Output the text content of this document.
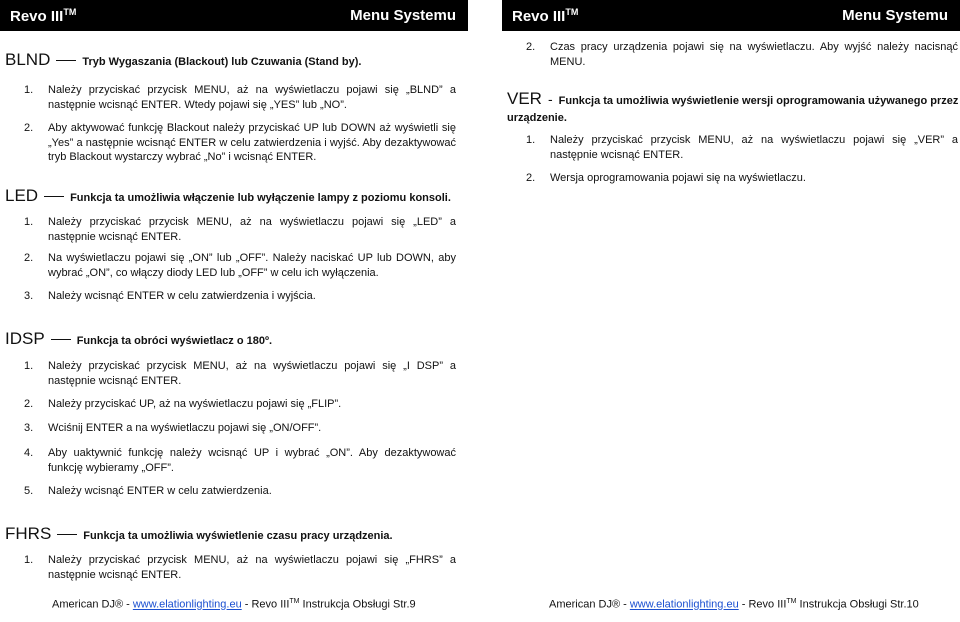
Revo III™	Menu Systemu
BLND	Tryb Wygaszania (Blackout) lub Czuwania (Stand by).
1. Należy przyciskać przycisk MENU, aż na wyświetlaczu pojawi się „BLND” a następnie wcisnąć ENTER. Wtedy pojawi się „YES” lub „NO”.
2. Aby aktywować funkcję Blackout należy przyciskać UP lub DOWN aż wyświetli się „Yes” a następnie wcisnąć ENTER w celu zatwierdzenia i wyjść. Aby dezaktywować tryb Blackout wystarczy wybrać „No” i wcisnąć ENTER.
LED	Funkcja ta umożliwia włączenie lub wyłączenie lampy z poziomu konsoli.
1. Należy przyciskać przycisk MENU, aż na wyświetlaczu pojawi się „LED” a następnie wcisnąć ENTER.
2. Na wyświetlaczu pojawi się „ON” lub „OFF”. Należy naciskać UP lub DOWN, aby wybrać „ON”, co włączy diody LED lub „OFF” w celu ich wyłączenia.
3. Należy wcisnąć ENTER w celu zatwierdzenia i wyjścia.
IDSP	Funkcja ta obróci wyświetlacz o 180º.
1. Należy przyciskać przycisk MENU, aż na wyświetlaczu pojawi się „I DSP” a następnie wcisnąć ENTER.
2. Należy przyciskać UP, aż na wyświetlaczu pojawi się „FLIP”.
3. Wciśnij ENTER a na wyświetlaczu pojawi się „ON/OFF”.
4. Aby uaktywnić funkcję należy wcisnąć UP i wybrać „ON”. Aby dezaktywować funkcję wybieramy „OFF”.
5. Należy wcisnąć ENTER w celu zatwierdzenia.
FHRS	Funkcja ta umożliwia wyświetlenie czasu pracy urządzenia.
1. Należy przyciskać przycisk MENU, aż na wyświetlaczu pojawi się „FHRS” a następnie wcisnąć ENTER.
American DJ® - www.elationlighting.eu - Revo III™ Instrukcja Obsługi Str.9
Revo III™	Menu Systemu
2. Czas pracy urządzenia pojawi się na wyświetlaczu. Aby wyjść należy nacisnąć MENU.
VER - Funkcja ta umożliwia wyświetlenie wersji oprogramowania używanego przez urządzenie.
1. Należy przyciskać przycisk MENU, aż na wyświetlaczu pojawi się „VER” a następnie wcisnąć ENTER.
2. Wersja oprogramowania pojawi się na wyświetlaczu.
American DJ® - www.elationlighting.eu - Revo III™ Instrukcja Obsługi Str.10
